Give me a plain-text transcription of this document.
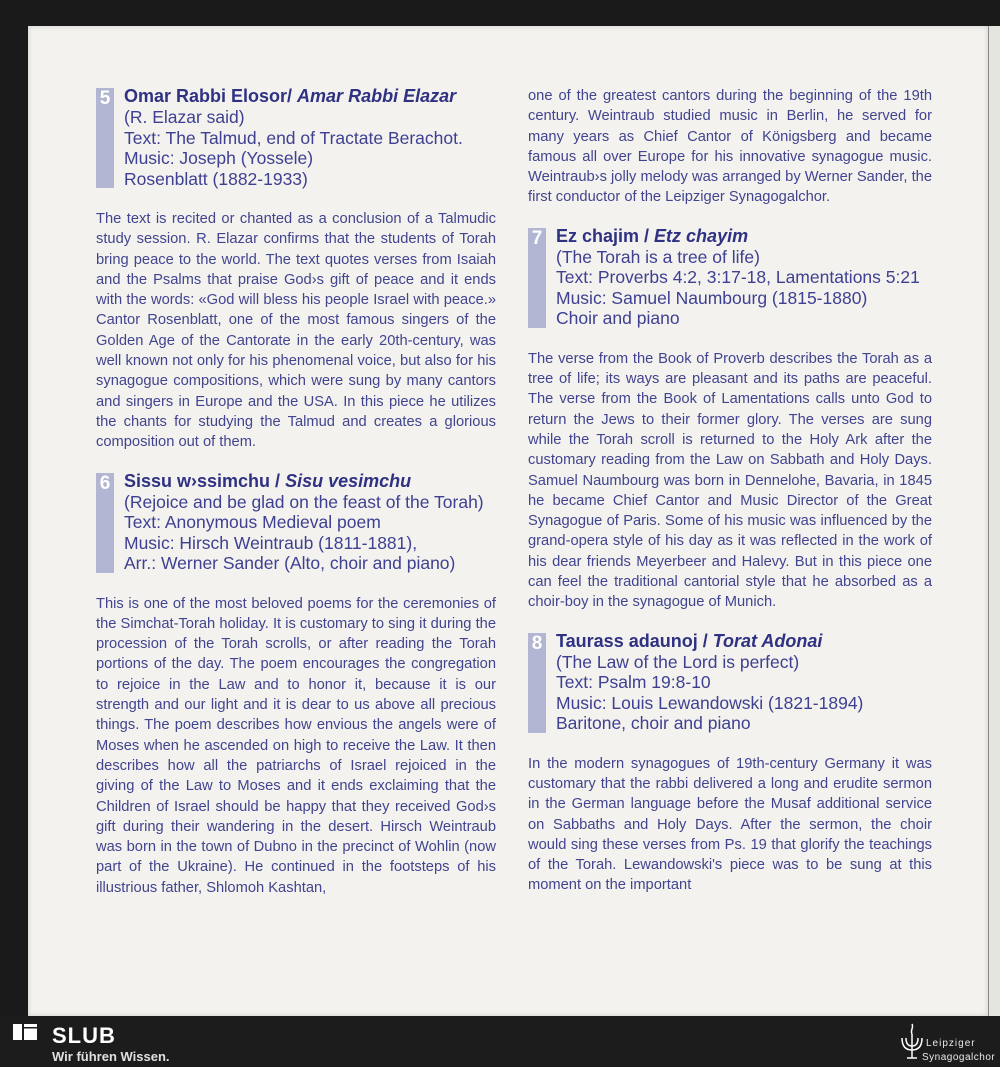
5 Omar Rabbi Elosor/ Amar Rabbi Elazar
(R. Elazar said)
Text: The Talmud, end of Tractate Berachot.
Music: Joseph (Yossele)
Rosenblatt (1882-1933)

The text is recited or chanted as a conclusion of a Talmudic study session. R. Elazar confirms that the students of Torah bring peace to the world. The text quotes verses from Isaiah and the Psalms that praise God›s gift of peace and it ends with the words: «God will bless his people Israel with peace.» Cantor Rosenblatt, one of the most famous singers of the Golden Age of the Cantorate in the early 20th-century, was well known not only for his phenomenal voice, but also for his synagogue compositions, which were sung by many cantors and singers in Europe and the USA. In this piece he utilizes the chants for studying the Talmud and creates a glorious composition out of them.

6 Sissu w›ssimchu / Sisu vesimchu
(Rejoice and be glad on the feast of the Torah)
Text: Anonymous Medieval poem
Music: Hirsch Weintraub (1811-1881),
Arr.: Werner Sander (Alto, choir and piano)

This is one of the most beloved poems for the ceremonies of the Simchat-Torah holiday. It is customary to sing it during the procession of the Torah scrolls, or after reading the Torah portions of the day. The poem encourages the congregation to rejoice in the Law and to honor it, because it is our strength and our light and it is dear to us above all precious things. The poem describes how envious the angels were of Moses when he ascended on high to receive the Law. It then describes how all the patriarchs of Israel rejoiced in the giving of the Law to Moses and it ends exclaiming that the Children of Israel should be happy that they received God›s gift during their wandering in the desert. Hirsch Weintraub was born in the town of Dubno in the precinct of Wohlin (now part of the Ukraine). He continued in the footsteps of his illustrious father, Shlomoh Kashtan,

one of the greatest cantors during the beginning of the 19th century. Weintraub studied music in Berlin, he served for many years as Chief Cantor of Königsberg and became famous all over Europe for his innovative synagogue music. Weintraub›s jolly melody was arranged by Werner Sander, the first conductor of the Leipziger Synagogalchor.

7 Ez chajim / Etz chayim
(The Torah is a tree of life)
Text: Proverbs 4:2, 3:17-18, Lamentations 5:21
Music: Samuel Naumbourg (1815-1880)
Choir and piano

The verse from the Book of Proverb describes the Torah as a tree of life; its ways are pleasant and its paths are peaceful. The verse from the Book of Lamentations calls unto God to return the Jews to their former glory. The verses are sung while the Torah scroll is returned to the Holy Ark after the customary reading from the Law on Sabbath and Holy Days. Samuel Naumbourg was born in Dennelohe, Bavaria, in 1845 he became Chief Cantor and Music Director of the Great Synagogue of Paris. Some of his music was influenced by the grand-opera style of his day as it was reflected in the work of his dear friends Meyerbeer and Halevy. But in this piece one can feel the traditional cantorial style that he absorbed as a choir-boy in the synagogue of Munich.

8 Taurass adaunoj / Torat Adonai
(The Law of the Lord is perfect)
Text: Psalm 19:8-10
Music: Louis Lewandowski (1821-1894)
Baritone, choir and piano

In the modern synagogues of 19th-century Germany it was customary that the rabbi delivered a long and erudite sermon in the German language before the Musaf additional service on Sabbaths and Holy Days. After the sermon, the choir would sing these verses from Ps. 19 that glorify the teachings of the Torah. Lewandowski's piece was to be sung at this moment on the important

SLUB
Wir führen Wissen.
Leipziger
Synagogalchor
